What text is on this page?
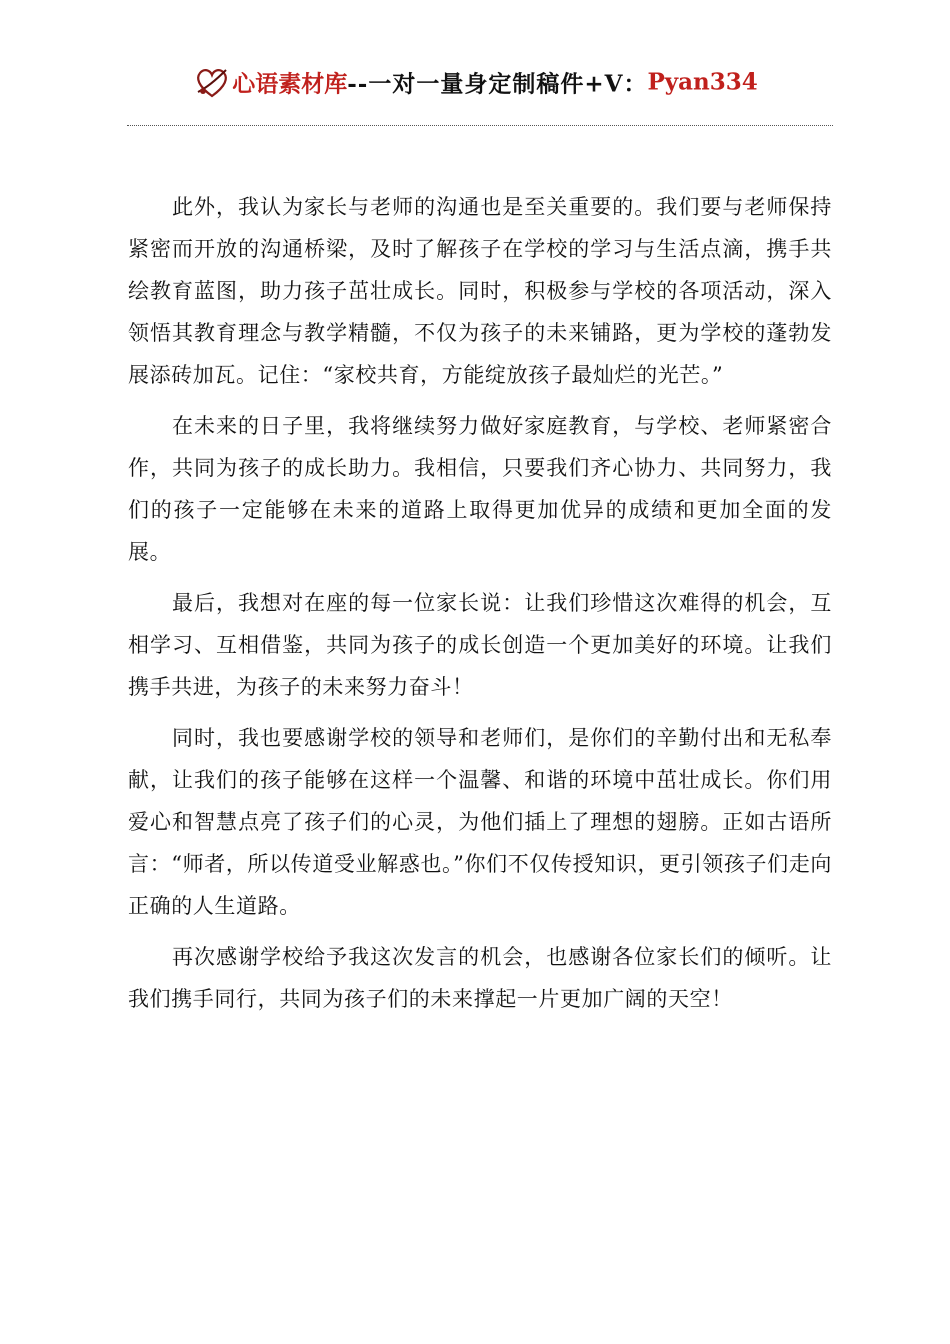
心语素材库--一对一量身定制稿件+V：Pyan334

此外，我认为家长与老师的沟通也是至关重要的。我们要与老师保持紧密而开放的沟通桥梁，及时了解孩子在学校的学习与生活点滴，携手共绘教育蓝图，助力孩子茁壮成长。同时，积极参与学校的各项活动，深入领悟其教育理念与教学精髓，不仅为孩子的未来铺路，更为学校的蓬勃发展添砖加瓦。记住：“家校共育，方能绽放孩子最灿烂的光芒。”

在未来的日子里，我将继续努力做好家庭教育，与学校、老师紧密合作，共同为孩子的成长助力。我相信，只要我们齐心协力、共同努力，我们的孩子一定能够在未来的道路上取得更加优异的成绩和更加全面的发展。

最后，我想对在座的每一位家长说：让我们珍惜这次难得的机会，互相学习、互相借鉴，共同为孩子的成长创造一个更加美好的环境。让我们携手共进，为孩子的未来努力奋斗！

同时，我也要感谢学校的领导和老师们，是你们的辛勤付出和无私奉献，让我们的孩子能够在这样一个温馨、和谐的环境中茁壮成长。你们用爱心和智慧点亮了孩子们的心灵，为他们插上了理想的翅膀。正如古语所言：“师者，所以传道受业解惑也。”你们不仅传授知识，更引领孩子们走向正确的人生道路。

再次感谢学校给予我这次发言的机会，也感谢各位家长们的倾听。让我们携手同行，共同为孩子们的未来撑起一片更加广阔的天空！
